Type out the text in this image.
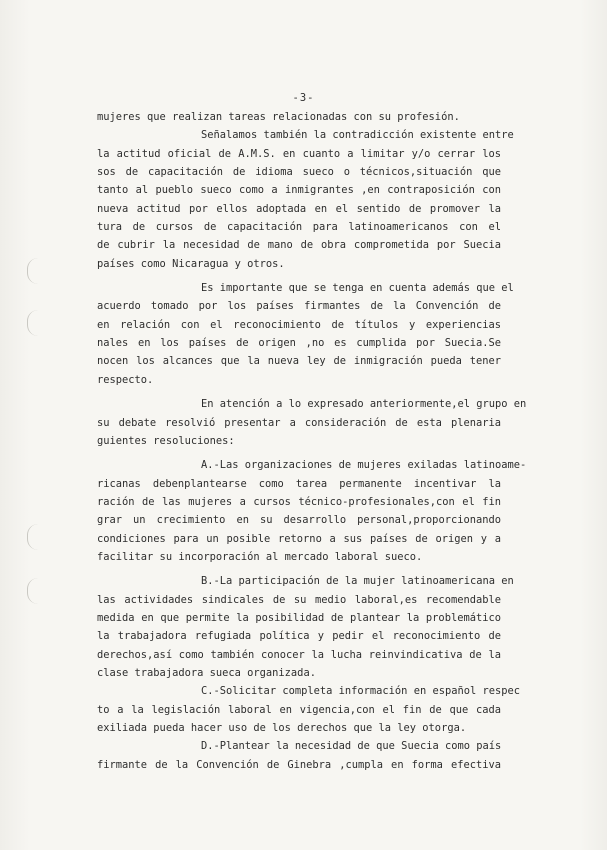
-3-
mujeres que realizan tareas relacionadas con su profesión.
Señalamos también la contradicción existente entre
la actitud oficial de A.M.S. en cuanto a limitar y/o cerrar los
sos de capacitación de idioma sueco o técnicos,situación que
tanto al pueblo sueco como a inmigrantes ,en contraposición con
nueva actitud por ellos adoptada en el sentido de promover la
tura de cursos de capacitación para latinoamericanos con el
de cubrir la necesidad de mano de obra comprometida por Suecia
países como Nicaragua y otros.
Es importante que se tenga en cuenta además que el
acuerdo tomado por los países firmantes de la Convención de
en relación con el reconocimiento de títulos y experiencias
nales en los países de origen ,no es cumplida por Suecia.Se
nocen los alcances que la nueva ley de inmigración pueda tener
respecto.
En atención a lo expresado anteriormente,el grupo en
su debate resolvió presentar a consideración de esta plenaria
guientes resoluciones:
A.-Las organizaciones de mujeres exiladas latinoame-
ricanas debenplantearse como tarea permanente incentivar la
ración de las mujeres a cursos técnico-profesionales,con el fin
grar un crecimiento en su desarrollo personal,proporcionando
condiciones para un posible retorno a sus países de origen y a
facilitar su incorporación al mercado laboral sueco.
B.-La participación de la mujer latinoamericana en
las actividades sindicales de su medio laboral,es recomendable
medida en que permite la posibilidad de plantear la problemático
la trabajadora refugiada política y pedir el reconocimiento de
derechos,así como también conocer la lucha reinvindicativa de la
clase trabajadora sueca organizada.
C.-Solicitar completa información en español respec
to a la legislación laboral en vigencia,con el fin de que cada
exiliada pueda hacer uso de los derechos que la ley otorga.
D.-Plantear la necesidad de que Suecia como país
firmante de la Convención de Ginebra ,cumpla en forma efectiva
